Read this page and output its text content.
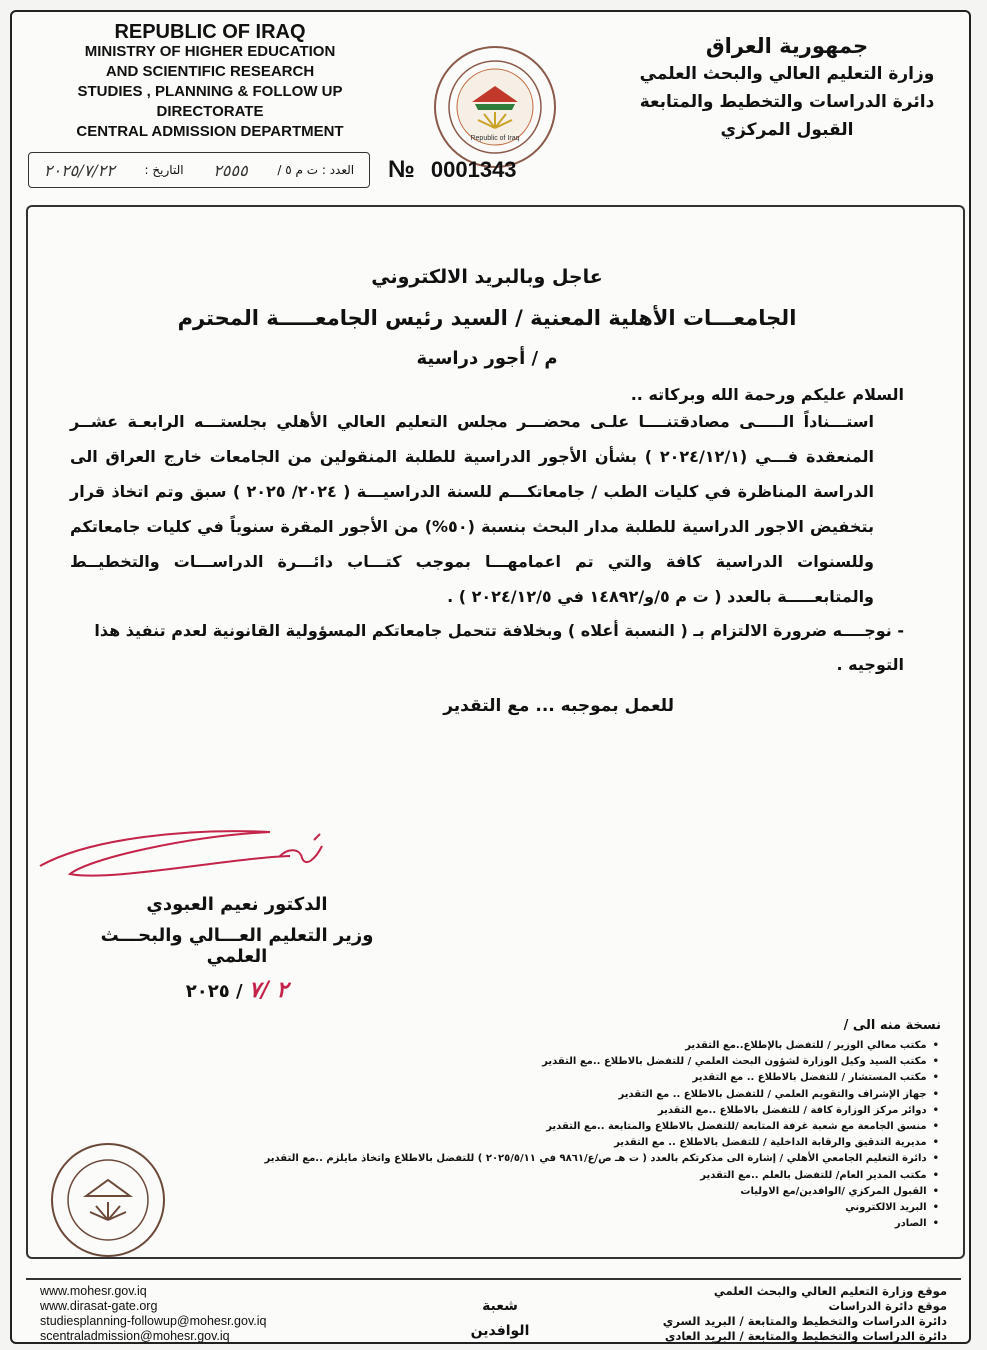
REPUBLIC OF IRAQ
MINISTRY OF HIGHER EDUCATION
AND SCIENTIFIC RESEARCH
STUDIES , PLANNING & FOLLOW UP DIRECTORATE
CENTRAL ADMISSION DEPARTMENT	Republic of Iraq
جمهورية العراق
وزارة التعليم العالي والبحث العلمي
دائرة الدراسات والتخطيط والمتابعة
القبول المركزي
العدد : ت م ٥ /
٢٥٥٥
التاريخ :
٢٠٢٥/٧/٢٢	№ 0001343

عاجل وبالبريد الالكتروني

الجامعـــات الأهلية المعنية / السيد رئيس الجامعـــــة المحترم

م / أجور دراسية

السلام عليكم ورحمة الله وبركاته ..

استـــناداً الـــــى مصادقتنــــا علـى محضـــر مجلس التعليم العالي الأهلي بجلستـــه الرابعـة عشــر المنعقدة فـــي (٢٠٢٤/١٢/١ ) بشأن الأجور الدراسية للطلبة المنقولين من الجامعات خارج العراق الى الدراسة المناظرة في كليات الطب / جامعاتكـــم للسنة الدراسيـــة ( ٢٠٢٤/ ٢٠٢٥ ) سبق وتم اتخاذ قرار بتخفيض الاجور الدراسية للطلبة مدار البحث بنسبة (٥٠%) من الأجور المقرة سنوياً في كليات جامعاتكم وللسنوات الدراسية كافة والتي تم اعمامهـــا بموجب كتـــاب دائـــرة الدراســـات والتخطيــط والمتابعـــــة بالعدد ( ت م ٥/و/١٤٨٩٢ في ٢٠٢٤/١٢/٥ ) .

- نوجــــه ضرورة الالتزام بـ ( النسبة أعلاه ) وبخلافة تتحمل جامعاتكم المسؤولية القانونية لعدم تنفيذ هذا التوجيه .

للعمل بموجبه ... مع التقدير

الدكتور نعيم العبودي
وزير التعليم العـــالي والبحـــث العلمي
٢ /٧ / ٢٠٢٥
نسخة منه الى /
• مكتب معالي الوزير / للتفضل بالإطلاع..مع التقدير
• مكتب السيد وكيل الوزارة لشؤون البحث العلمي / للتفضل بالاطلاع ..مع التقدير
• مكتب المستشار / للتفضل بالاطلاع .. مع التقدير
• جهاز الإشراف والتقويم العلمي / للتفضل بالاطلاع .. مع التقدير
• دوائر مركز الوزارة كافة / للتفضل بالاطلاع ..مع التقدير
• منسق الجامعة مع شعبة غرفة المتابعة /للتفضل بالاطلاع والمتابعة ..مع التقدير
• مديرية التدقيق والرقابة الداخلية / للتفضل بالاطلاع .. مع التقدير
• دائرة التعليم الجامعي الأهلي / إشارة الى مذكرتكم بالعدد ( ت هـ ص/ع/٩٨٦١ في ٢٠٢٥/٥/١١ ) للتفضل بالاطلاع واتخاذ مايلزم ..مع التقدير
• مكتب المدير العام/ للتفضل بالعلم ..مع التقدير
• القبول المركزي /الوافدين/مع الاوليات
• البريد الالكتروني
• الصادر
www.mohesr.gov.iq
www.dirasat-gate.org
studiesplanning-followup@mohesr.gov.iq
scentraladmission@mohesr.gov.iq
شعبة
الوافدين
موقع وزارة التعليم العالي والبحث العلمي
موقع دائرة الدراسات
دائرة الدراسات والتخطيط والمتابعة / البريد السري
دائرة الدراسات والتخطيط والمتابعة / البريد العادي
